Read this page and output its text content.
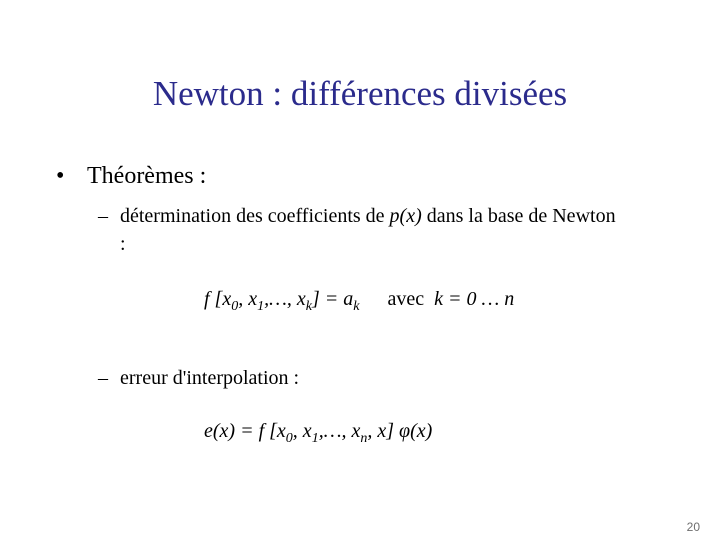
Newton : différences divisées
• Théorèmes :
– détermination des coefficients de p(x) dans la base de Newton
:
f [$x_0$, $x_1,\dots$, $x_k] = a_k$ avec k = 0 … n
– erreur d'interpolation :
e(x) = f [$x_0$, $x_1,\dots$, $x_n$, x] φ(x)
20
